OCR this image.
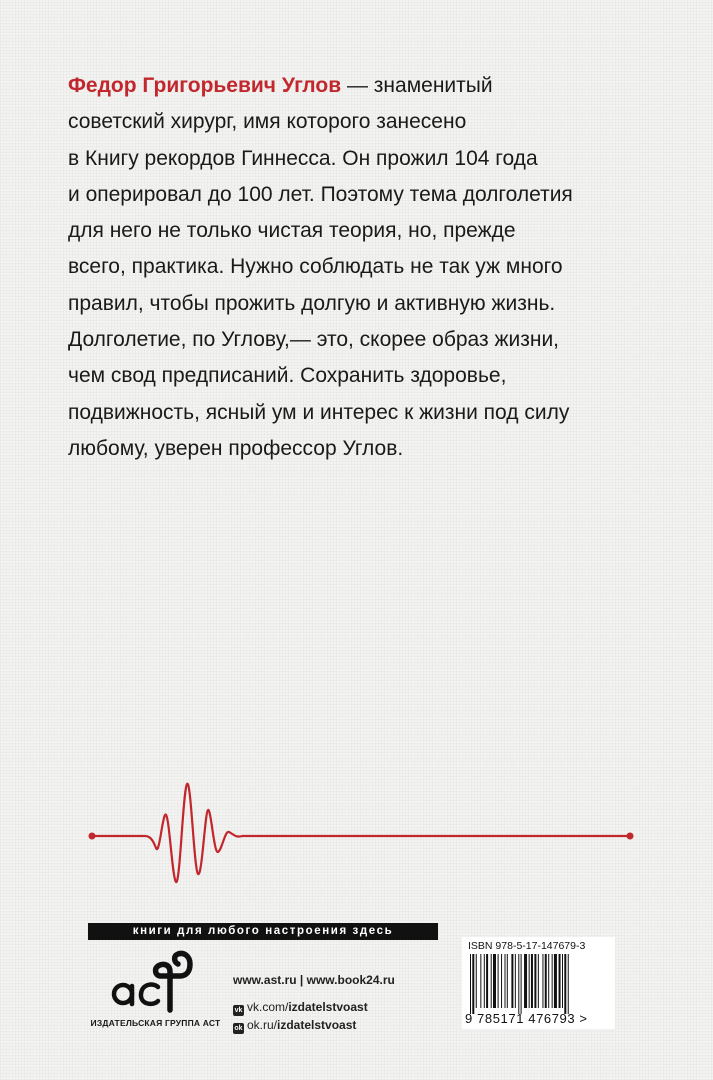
Федор Григорьевич Углов — знаменитый
советский хирург, имя которого занесено
в Книгу рекордов Гиннесса. Он прожил 104 года
и оперировал до 100 лет. Поэтому тема долголетия
для него не только чистая теория, но, прежде
всего, практика. Нужно соблюдать не так уж много
правил, чтобы прожить долгую и активную жизнь.
Долголетие, по Углову,— это, скорее образ жизни,
чем свод предписаний. Сохранить здоровье,
подвижность, ясный ум и интерес к жизни под силу
любому, уверен профессор Углов.
книги для любого настроения здесь
ИЗДАТЕЛЬСКАЯ ГРУППА АСТ
www.ast.ru | www.book24.ru
vk vk.com/izdatelstvoast
ok ok.ru/izdatelstvoast
ISBN 978-5-17-147679-3
9 785171 476793 >
